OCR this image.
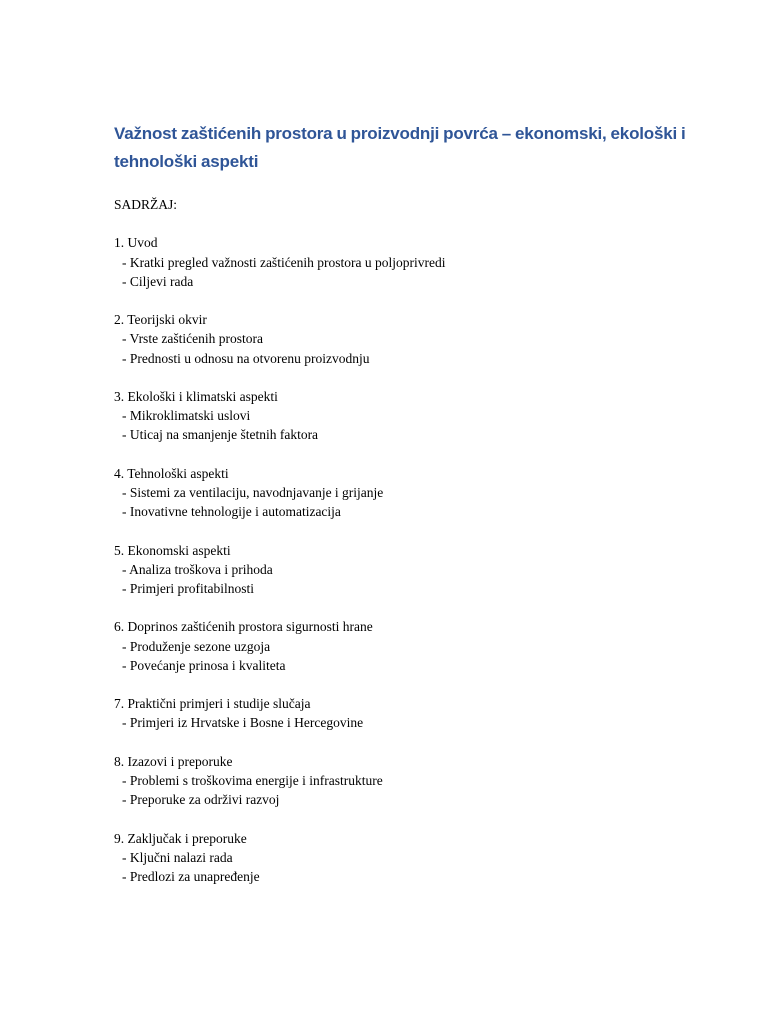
Važnost zaštićenih prostora u proizvodnji povrća – ekonomski, ekološki i tehnološki aspekti
SADRŽAJ:
1. Uvod
- Kratki pregled važnosti zaštićenih prostora u poljoprivredi
- Ciljevi rada
2. Teorijski okvir
- Vrste zaštićenih prostora
- Prednosti u odnosu na otvorenu proizvodnju
3. Ekološki i klimatski aspekti
- Mikroklimatski uslovi
- Uticaj na smanjenje štetnih faktora
4. Tehnološki aspekti
- Sistemi za ventilaciju, navodnjavanje i grijanje
- Inovativne tehnologije i automatizacija
5. Ekonomski aspekti
- Analiza troškova i prihoda
- Primjeri profitabilnosti
6. Doprinos zaštićenih prostora sigurnosti hrane
- Produženje sezone uzgoja
- Povećanje prinosa i kvaliteta
7. Praktični primjeri i studije slučaja
- Primjeri iz Hrvatske i Bosne i Hercegovine
8. Izazovi i preporuke
- Problemi s troškovima energije i infrastrukture
- Preporuke za održivi razvoj
9. Zaključak i preporuke
- Ključni nalazi rada
- Predlozi za unapređenje
